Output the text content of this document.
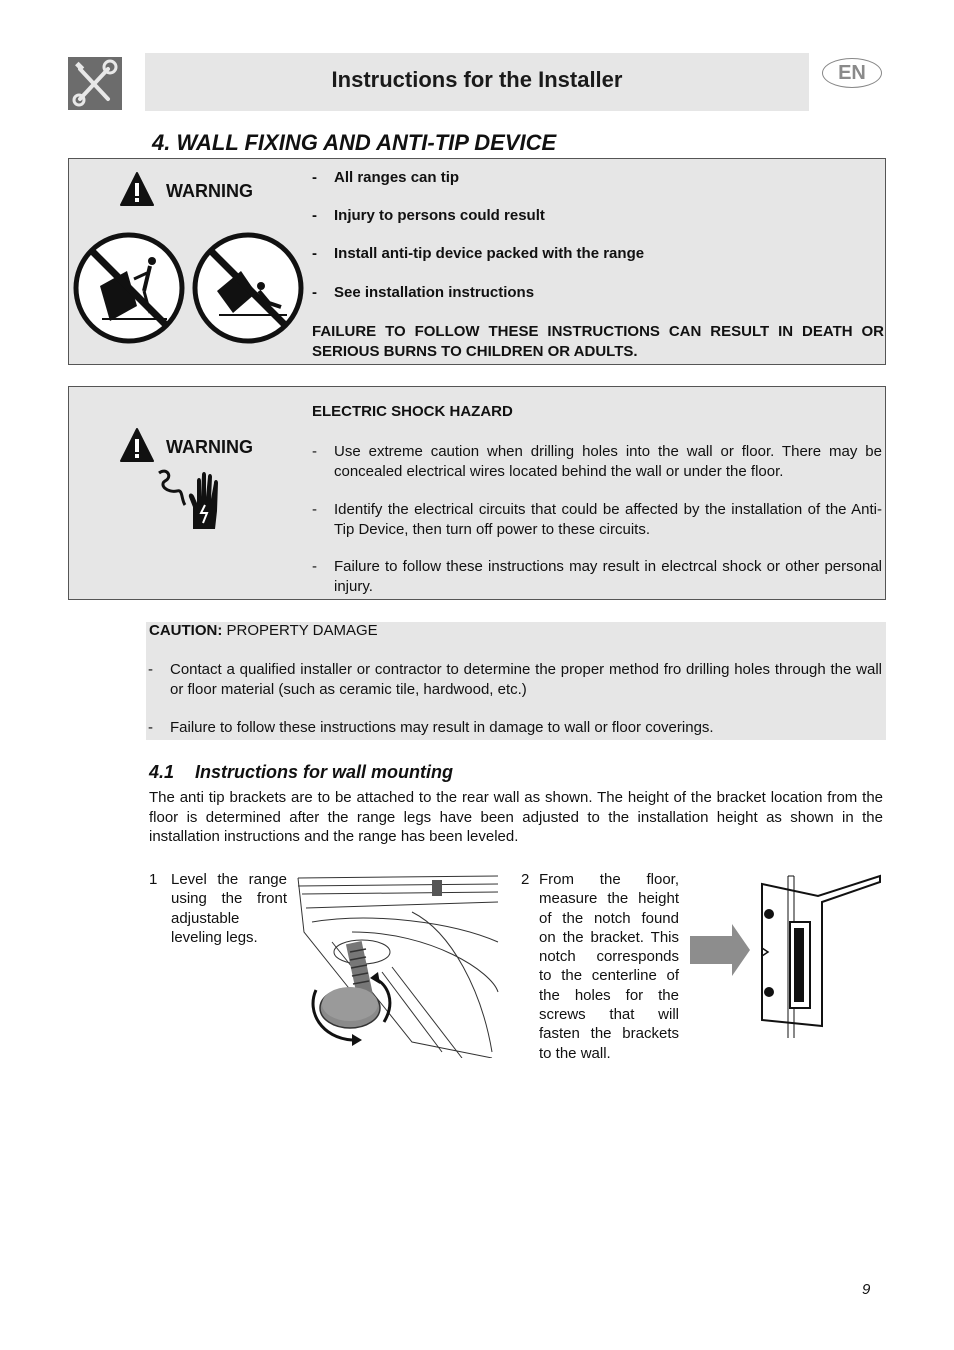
Instructions for the Installer	EN
4. WALL FIXING AND ANTI-TIP DEVICE
WARNING
- All ranges can tip
- Injury to persons could result
- Install anti-tip device packed with the range
- See installation instructions
FAILURE TO FOLLOW THESE INSTRUCTIONS CAN RESULT IN DEATH OR
SERIOUS BURNS TO CHILDREN OR ADULTS.
WARNING
ELECTRIC SHOCK HAZARD
- Use extreme caution when drilling holes into the wall or floor. There may be concealed electrical wires located behind the wall or under the floor.
- Identify the electrical circuits that could be affected by the installation of the Anti-Tip Device, then turn off power to these circuits.
- Failure to follow these instructions may result in electrcal shock or other personal injury.
CAUTION: PROPERTY DAMAGE
- Contact a qualified installer or contractor to determine the proper method fro drilling holes through the wall or floor material (such as ceramic tile, hardwood, etc.)
- Failure to follow these instructions may result in damage to wall or floor coverings.
4.1 Instructions for wall mounting
The anti tip brackets are to be attached to the rear wall as shown. The height of the bracket location from the floor is determined after the range legs have been adjusted to the installation height as shown in the installation instructions and the range has been leveled.
1 Level the range using the front adjustable leveling legs.
2 From the floor, measure the height of the notch found on the bracket. This notch corresponds to the centerline of the holes for the screws that will fasten the brackets to the wall.
9
